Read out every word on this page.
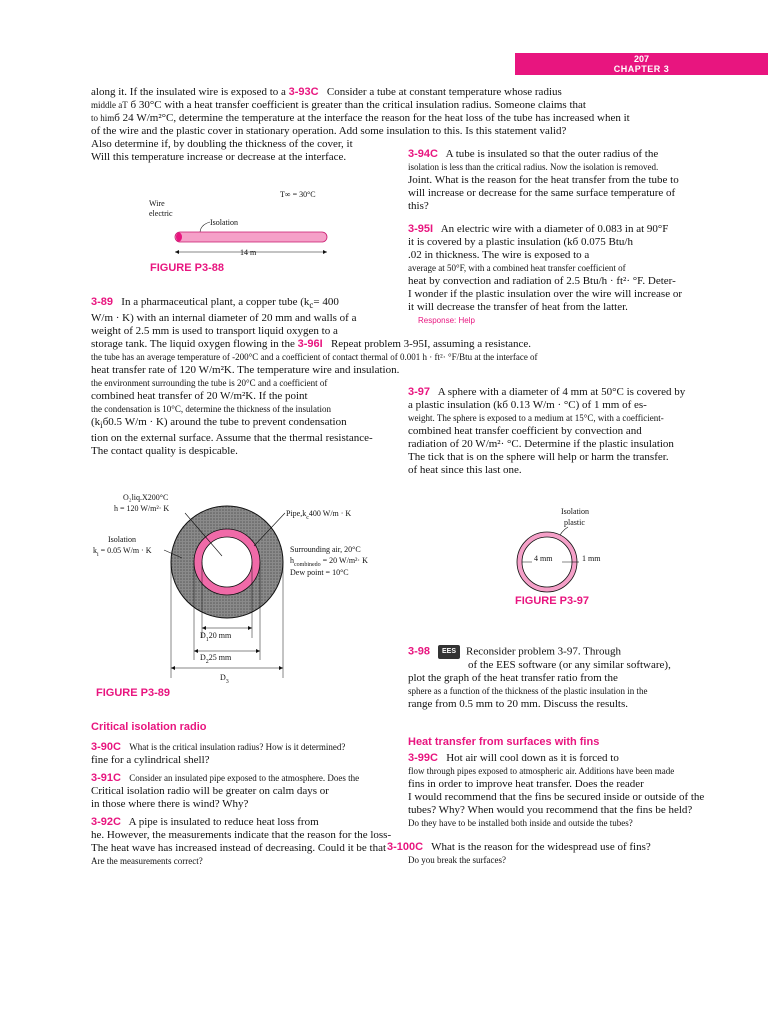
207
CHAPTER 3

along it. If the insulated wire is exposed to a 3-93C Consider a tube at constant temperature whose radius

middle aT б 30°C with a heat transfer coefficient is greater than the critical insulation radius. Someone claims that

to himб 24 W/m²°C, determine the temperature at the interface the reason for the heat loss of the tube has increased when it

of the wire and the plastic cover in stationary operation. Add some insulation to this. Is this statement valid?

Also determine if, by doubling the thickness of the cover, it

Will this temperature increase or decrease at the interface.

T∞ = 30°C
Wire
electric
Isolation
14 m
FIGURE P3-88

3-89 In a pharmaceutical plant, a copper tube ($k_c= 400$

W/m · K) with an internal diameter of 20 mm and walls of a

weight of 2.5 mm is used to transport liquid oxygen to a

storage tank. The liquid oxygen flowing in the 3-96I Repeat problem 3-95I, assuming a resistance.

the tube has an average temperature of -200°C and a coefficient of contact thermal of 0.001 h · ft²· °F/Btu at the interface of

heat transfer rate of 120 W/m²K. The temperature wire and insulation.

the environment surrounding the tube is 20°C and a coefficient of

combined heat transfer of 20 W/m²K. If the point

the condensation is 10°C, determine the thickness of the insulation

($k_iб0.5$ W/m · K) around the tube to prevent condensation

tion on the external surface. Assume that the thermal resistance-

The contact quality is despicable.

O₂liq.X200°C
h = 120 W/m²· K
$Pipe,k_c400$ W/m · K
Isolation
$k_i = 0.05$ W/m · K	Surrounding air, 20°C
$h_{combinedo} = 20$ W/m²· K
Dew point = 10°C
$D_120$ mm
$D_225$ mm
$D_3$
FIGURE P3-89

Critical isolation radio

3-90C What is the critical insulation radius? How is it determined?

fine for a cylindrical shell?

3-91C Consider an insulated pipe exposed to the atmosphere. Does the

Critical isolation radio will be greater on calm days or

in those where there is wind? Why?

3-92C A pipe is insulated to reduce heat loss from

he. However, the measurements indicate that the reason for the loss-

The heat wave has increased instead of decreasing. Could it be that

Are the measurements correct?

3-94C A tube is insulated so that the outer radius of the

isolation is less than the critical radius. Now the isolation is removed.

Joint. What is the reason for the heat transfer from the tube to

will increase or decrease for the same surface temperature of

this?

3-95I An electric wire with a diameter of 0.083 in at 90°F

it is covered by a plastic insulation (kб 0.075 Btu/h

.02 in thickness. The wire is exposed to a

average at 50°F, with a combined heat transfer coefficient of

heat by convection and radiation of 2.5 Btu/h · ft²· °F. Deter-

I wonder if the plastic insulation over the wire will increase or

it will decrease the transfer of heat from the latter.

Response: Help

3-97 A sphere with a diameter of 4 mm at 50°C is covered by

a plastic insulation (kб 0.13 W/m · °C) of 1 mm of es-

weight. The sphere is exposed to a medium at 15°C, with a coefficient-

combined heat transfer coefficient by convection and

radiation of 20 W/m²· °C. Determine if the plastic insulation

The tick that is on the sphere will help or harm the transfer.

of heat since this last one.

Isolation
plastic
4 mm	1 mm
FIGURE P3-97

3-98 EES Reconsider problem 3-97. Through

of the EES software (or any similar software),

plot the graph of the heat transfer ratio from the

sphere as a function of the thickness of the plastic insulation in the

range from 0.5 mm to 20 mm. Discuss the results.

Heat transfer from surfaces with fins

3-99C Hot air will cool down as it is forced to

flow through pipes exposed to atmospheric air. Additions have been made

fins in order to improve heat transfer. Does the reader

I would recommend that the fins be secured inside or outside of the

tubes? Why? When would you recommend that the fins be held?

Do they have to be installed both inside and outside the tubes?

3-100C What is the reason for the widespread use of fins?

Do you break the surfaces?
